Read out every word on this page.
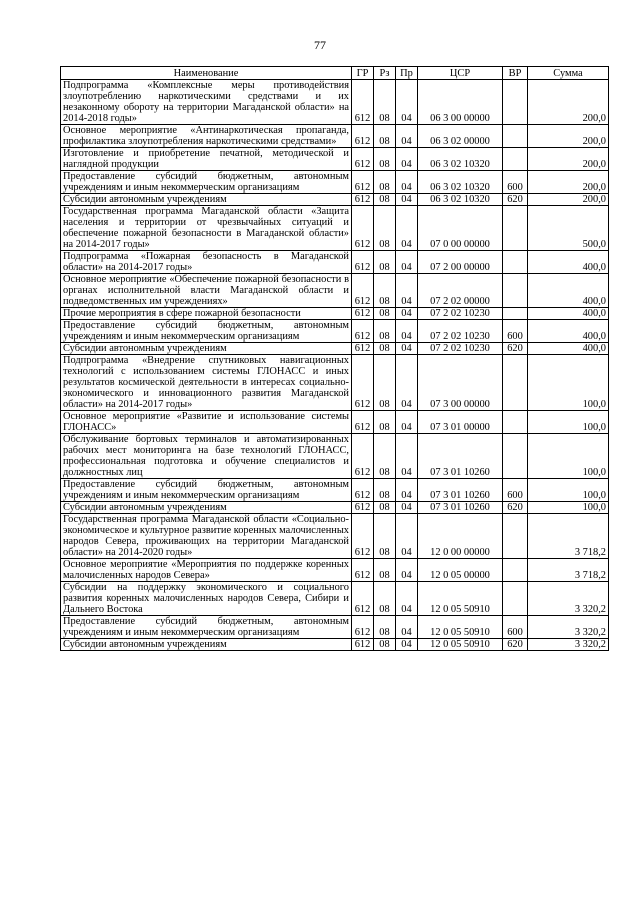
77
Наименование	ГР	Рз	Пр	ЦСР	ВР	Сумма
Подпрограмма «Комплексные меры противодействия злоупотреблению наркотическими средствами и их незаконному обороту на территории Магаданской области» на 2014-2018 годы»	612	08	04	06 3 00 00000		200,0
Основное мероприятие «Антинаркотическая пропаганда, профилактика злоупотребления наркотическими средствами»	612	08	04	06 3 02 00000		200,0
Изготовление и приобретение печатной, методической и наглядной продукции	612	08	04	06 3 02 10320		200,0
Предоставление субсидий бюджетным, автономным учреждениям и иным некоммерческим организациям	612	08	04	06 3 02 10320	600	200,0
Субсидии автономным учреждениям	612	08	04	06 3 02 10320	620	200,0
Государственная программа Магаданской области «Защита населения и территории от чрезвычайных ситуаций и обеспечение пожарной безопасности в Магаданской области» на 2014-2017 годы»	612	08	04	07 0 00 00000		500,0
Подпрограмма «Пожарная безопасность в Магаданской области» на 2014-2017 годы»	612	08	04	07 2 00 00000		400,0
Основное мероприятие «Обеспечение пожарной безопасности в органах исполнительной власти Магаданской области и подведомственных им учреждениях»	612	08	04	07 2 02 00000		400,0
Прочие мероприятия в сфере пожарной безопасности	612	08	04	07 2 02 10230		400,0
Предоставление субсидий бюджетным, автономным учреждениям и иным некоммерческим организациям	612	08	04	07 2 02 10230	600	400,0
Субсидии автономным учреждениям	612	08	04	07 2 02 10230	620	400,0
Подпрограмма «Внедрение спутниковых навигационных технологий с использованием системы ГЛОНАСС и иных результатов космической деятельности в интересах социально-экономического и инновационного развития Магаданской области» на 2014-2017 годы»	612	08	04	07 3 00 00000		100,0
Основное мероприятие «Развитие и использование системы ГЛОНАСС»	612	08	04	07 3 01 00000		100,0
Обслуживание бортовых терминалов и автоматизированных рабочих мест мониторинга на базе технологий ГЛОНАСС, профессиональная подготовка и обучение специалистов и должностных лиц	612	08	04	07 3 01 10260		100,0
Предоставление субсидий бюджетным, автономным учреждениям и иным некоммерческим организациям	612	08	04	07 3 01 10260	600	100,0
Субсидии автономным учреждениям	612	08	04	07 3 01 10260	620	100,0
Государственная программа Магаданской области «Социально-экономическое и культурное развитие коренных малочисленных народов Севера, проживающих на территории Магаданской области» на 2014-2020 годы»	612	08	04	12 0 00 00000		3 718,2
Основное мероприятие «Мероприятия по поддержке коренных малочисленных народов Севера»	612	08	04	12 0 05 00000		3 718,2
Субсидии на поддержку экономического и социального развития коренных малочисленных народов Севера, Сибири и Дальнего Востока	612	08	04	12 0 05 50910		3 320,2
Предоставление субсидий бюджетным, автономным учреждениям и иным некоммерческим организациям	612	08	04	12 0 05 50910	600	3 320,2
Субсидии автономным учреждениям	612	08	04	12 0 05 50910	620	3 320,2
